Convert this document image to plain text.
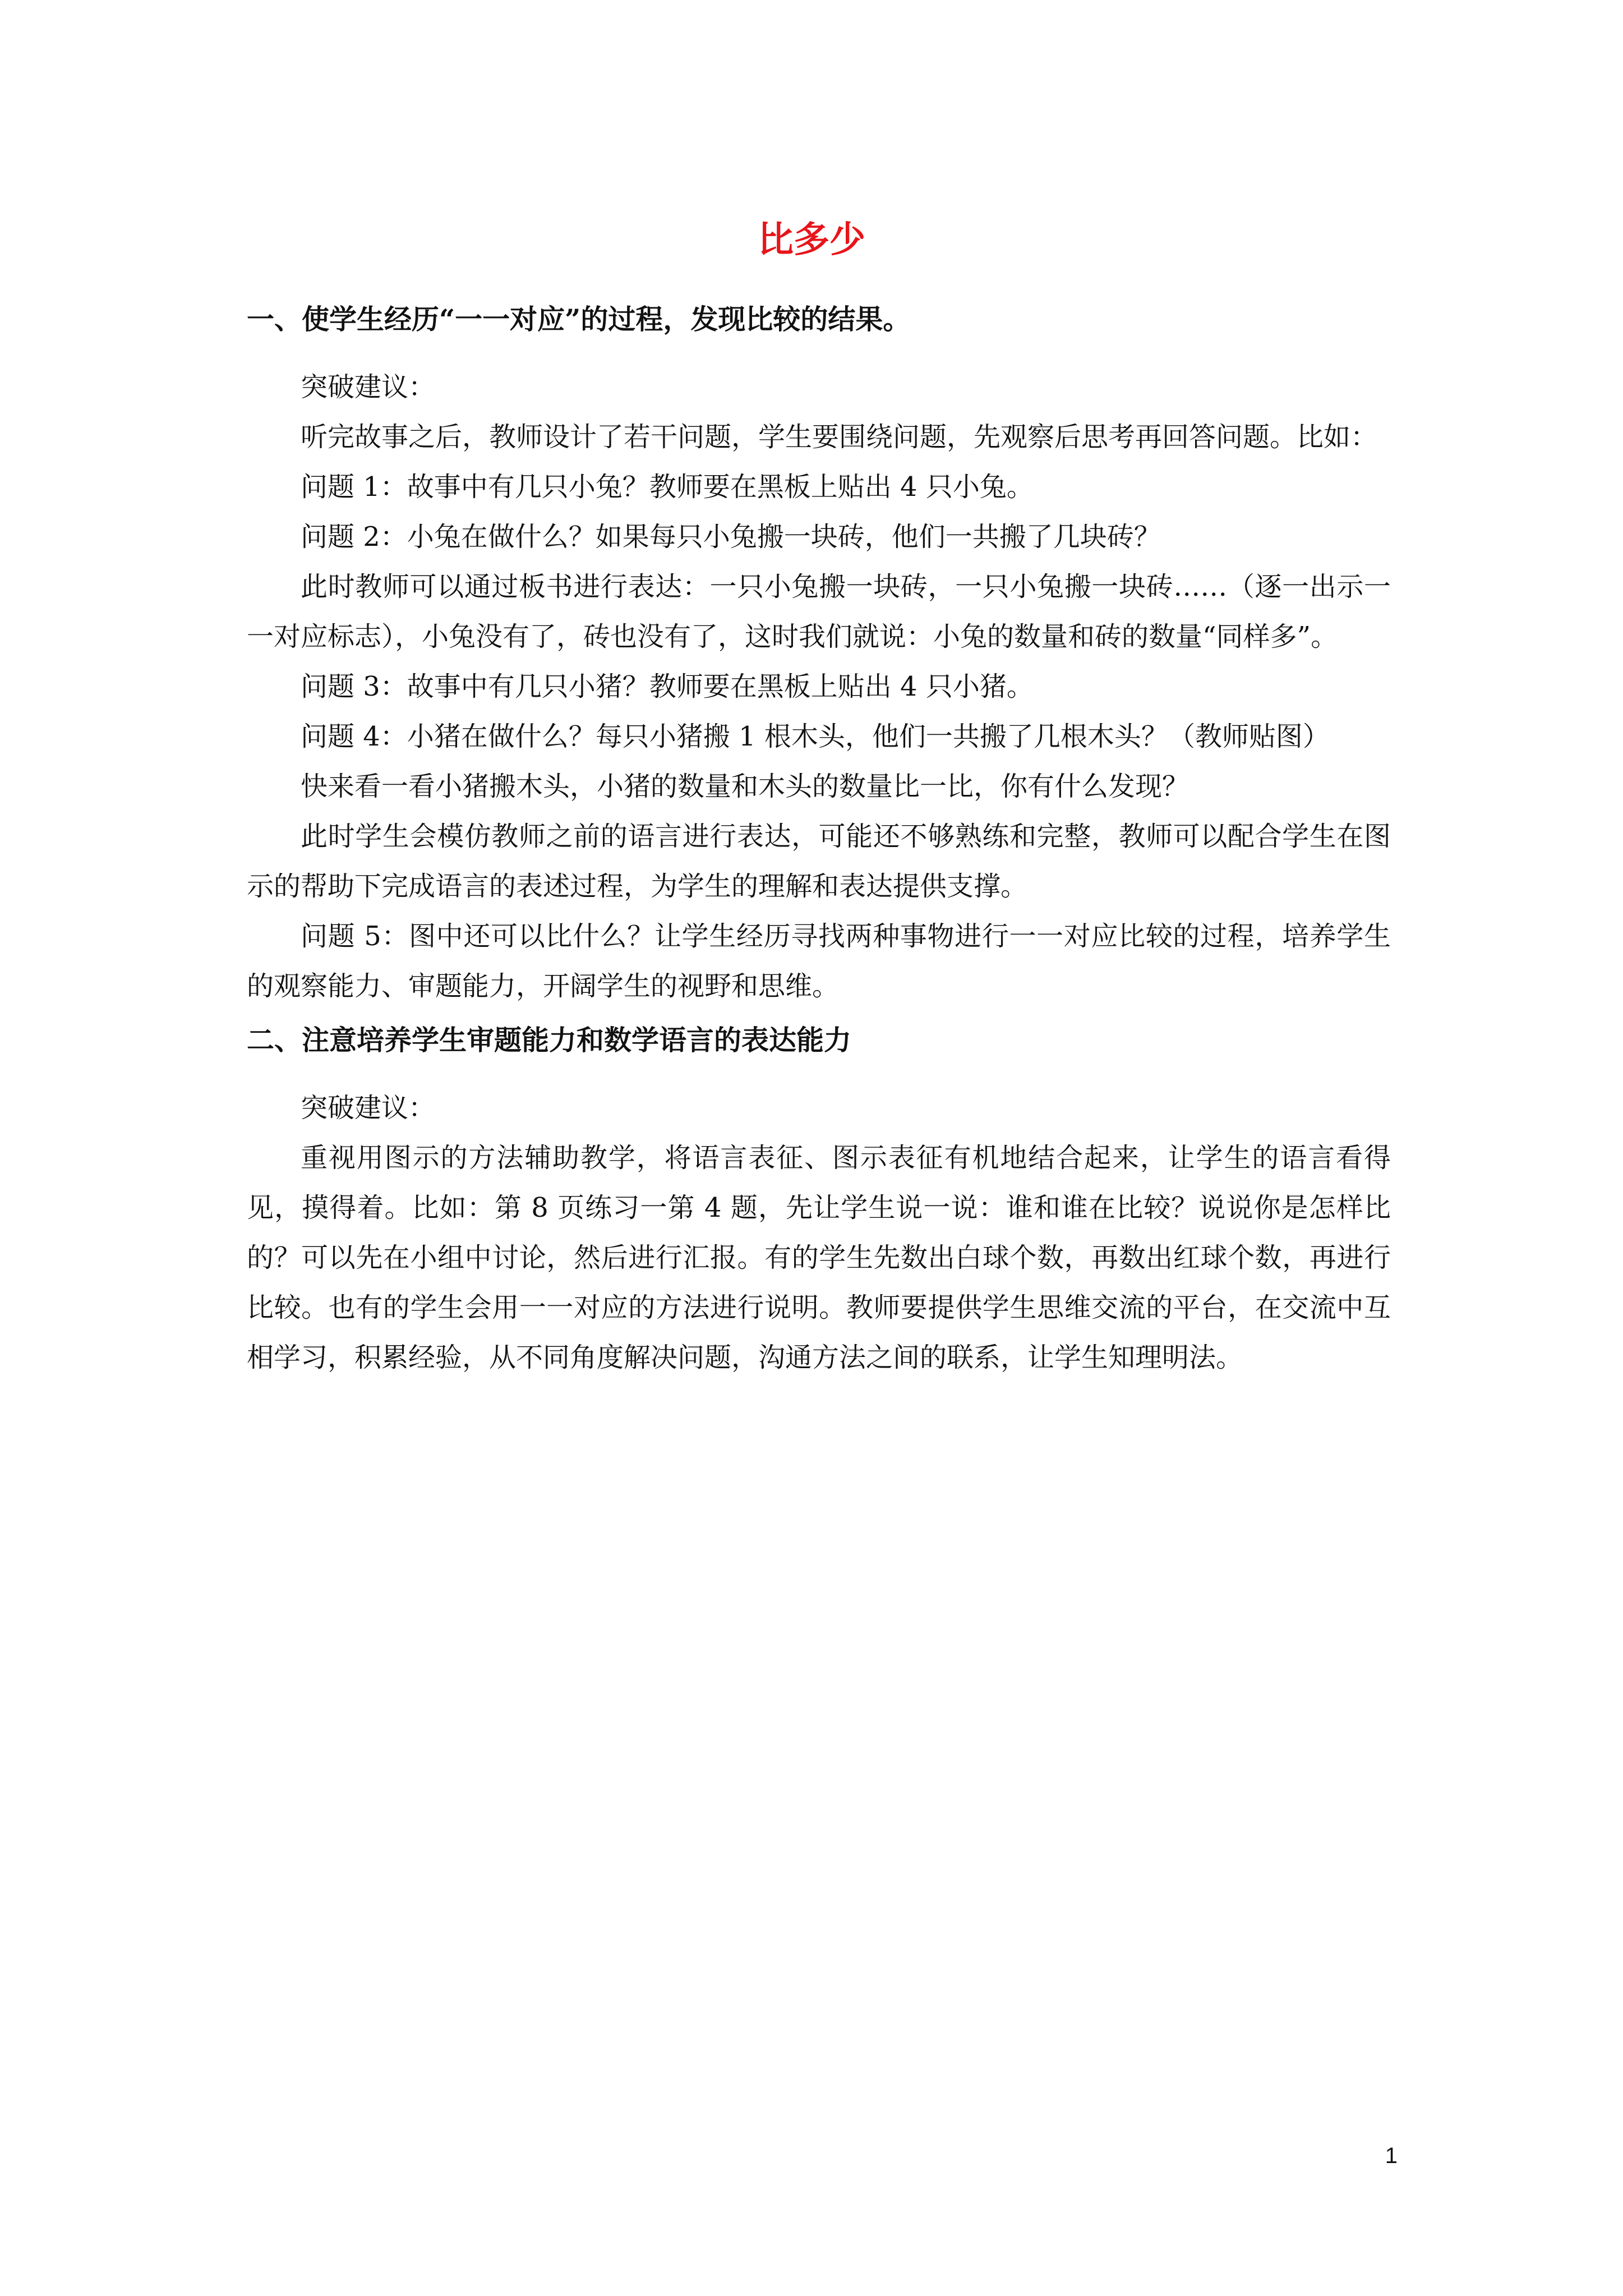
比多少

一、使学生经历“一一对应”的过程，发现比较的结果。

突破建议：

听完故事之后，教师设计了若干问题，学生要围绕问题，先观察后思考再回答问题。比如：

问题 1：故事中有几只小兔？教师要在黑板上贴出 4 只小兔。

问题 2：小兔在做什么？如果每只小兔搬一块砖，他们一共搬了几块砖？

此时教师可以通过板书进行表达：一只小兔搬一块砖，一只小兔搬一块砖……（逐一出示一一对应标志），小兔没有了，砖也没有了，这时我们就说：小兔的数量和砖的数量“同样多”。

问题 3：故事中有几只小猪？教师要在黑板上贴出 4 只小猪。

问题 4：小猪在做什么？每只小猪搬 1 根木头，他们一共搬了几根木头？（教师贴图）

快来看一看小猪搬木头，小猪的数量和木头的数量比一比，你有什么发现？

此时学生会模仿教师之前的语言进行表达，可能还不够熟练和完整，教师可以配合学生在图示的帮助下完成语言的表述过程，为学生的理解和表达提供支撑。

问题 5：图中还可以比什么？让学生经历寻找两种事物进行一一对应比较的过程，培养学生的观察能力、审题能力，开阔学生的视野和思维。

二、注意培养学生审题能力和数学语言的表达能力

突破建议：

重视用图示的方法辅助教学，将语言表征、图示表征有机地结合起来，让学生的语言看得见，摸得着。比如：第 8 页练习一第 4 题，先让学生说一说：谁和谁在比较？说说你是怎样比的？可以先在小组中讨论，然后进行汇报。有的学生先数出白球个数，再数出红球个数，再进行比较。也有的学生会用一一对应的方法进行说明。教师要提供学生思维交流的平台，在交流中互相学习，积累经验，从不同角度解决问题，沟通方法之间的联系，让学生知理明法。

1
